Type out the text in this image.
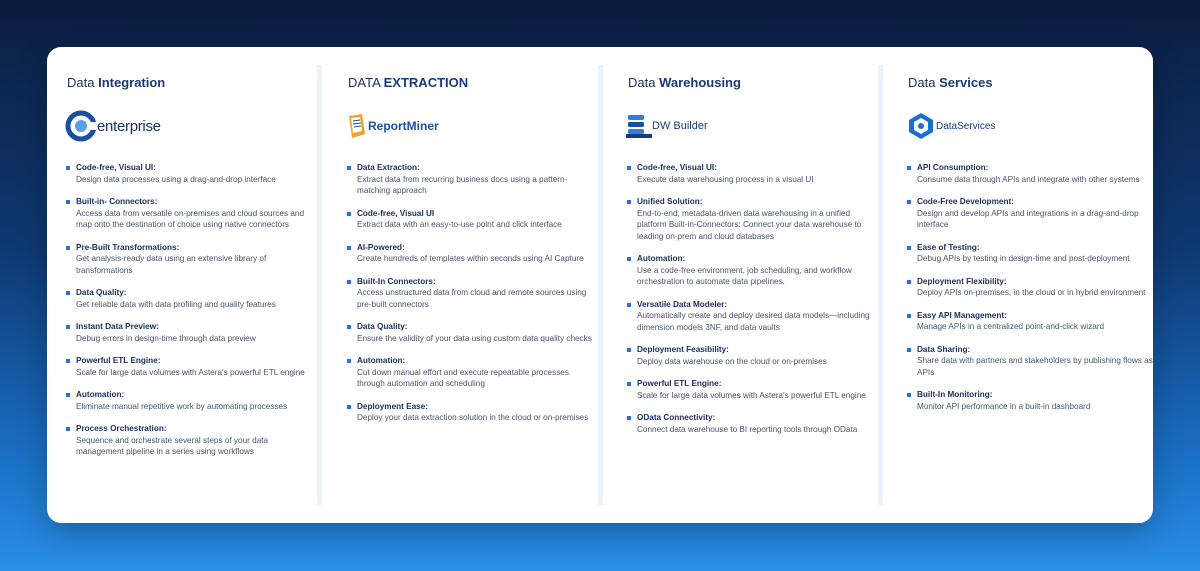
Data Integration
enterprise
Code-free, Visual UI:
Design data processes using a drag-and-drop interface
Built-in- Connectors:
Access data from versatile on-premises and cloud sources and map onto the destination of choice using native connectors
Pre-Built Transformations:
Get analysis-ready data using an extensive library of transformations
Data Quality:
Get reliable data with data profiling and quality features
Instant Data Preview:
Debug errors in design-time through data preview
Powerful ETL Engine:
Scale for large data volumes with Astera's powerful ETL engine
Automation:
Eliminate manual repetitive work by automating processes
Process Orchestration:
Sequence and orchestrate several steps of your data management pipeline in a series using workflows
DATA EXTRACTION
ReportMiner
Data Extraction:
Extract data from recurring business docs using a pattern-matching approach
Code-free, Visual UI
Extract data with an easy-to-use point and click interface
AI-Powered:
Create hundreds of templates within seconds using AI Capture
Built-In Connectors:
Access unstructured data from cloud and remote sources using pre-built connectors
Data Quality:
Ensure the validity of your data using custom data quality checks
Automation:
Cut down manual effort and execute repeatable processes through automation and scheduling
Deployment Ease:
Deploy your data extraction solution in the cloud or on-premises
Data Warehousing
DW Builder
Code-free, Visual UI:
Execute data warehousing process in a visual UI
Unified Solution:
End-to-end, metadata-driven data warehousing in a unified platform Built-in-Connectors: Connect your data warehouse to leading on-prem and cloud databases
Automation:
Use a code-free environment, job scheduling, and workflow orchestration to automate data pipelines.
Versatile Data Modeler:
Automatically create and deploy desired data models—including dimension models 3NF, and data vaults
Deployment Feasibility:
Deploy data warehouse on the cloud or on-premises
Powerful ETL Engine:
Scale for large data volumes with Astera's powerful ETL engine
OData Connectivity:
Connect data warehouse to BI reporting tools through OData
Data Services
DataServices
API Consumption:
Consume data through APIs and integrate with other systems
Code-Free Development:
Design and develop APIs and integrations in a drag-and-drop interface
Ease of Testing:
Debug APIs by testing in design-time and post-deployment
Deployment Flexibility:
Deploy APIs on-premises, in the cloud or in hybrid environment
Easy API Management:
Manage APIs in a centralized point-and-click wizard
Data Sharing:
Share data with partners and stakeholders by publishing flows as APIs
Built-In Monitoring:
Monitor API performance in a built-in dashboard
